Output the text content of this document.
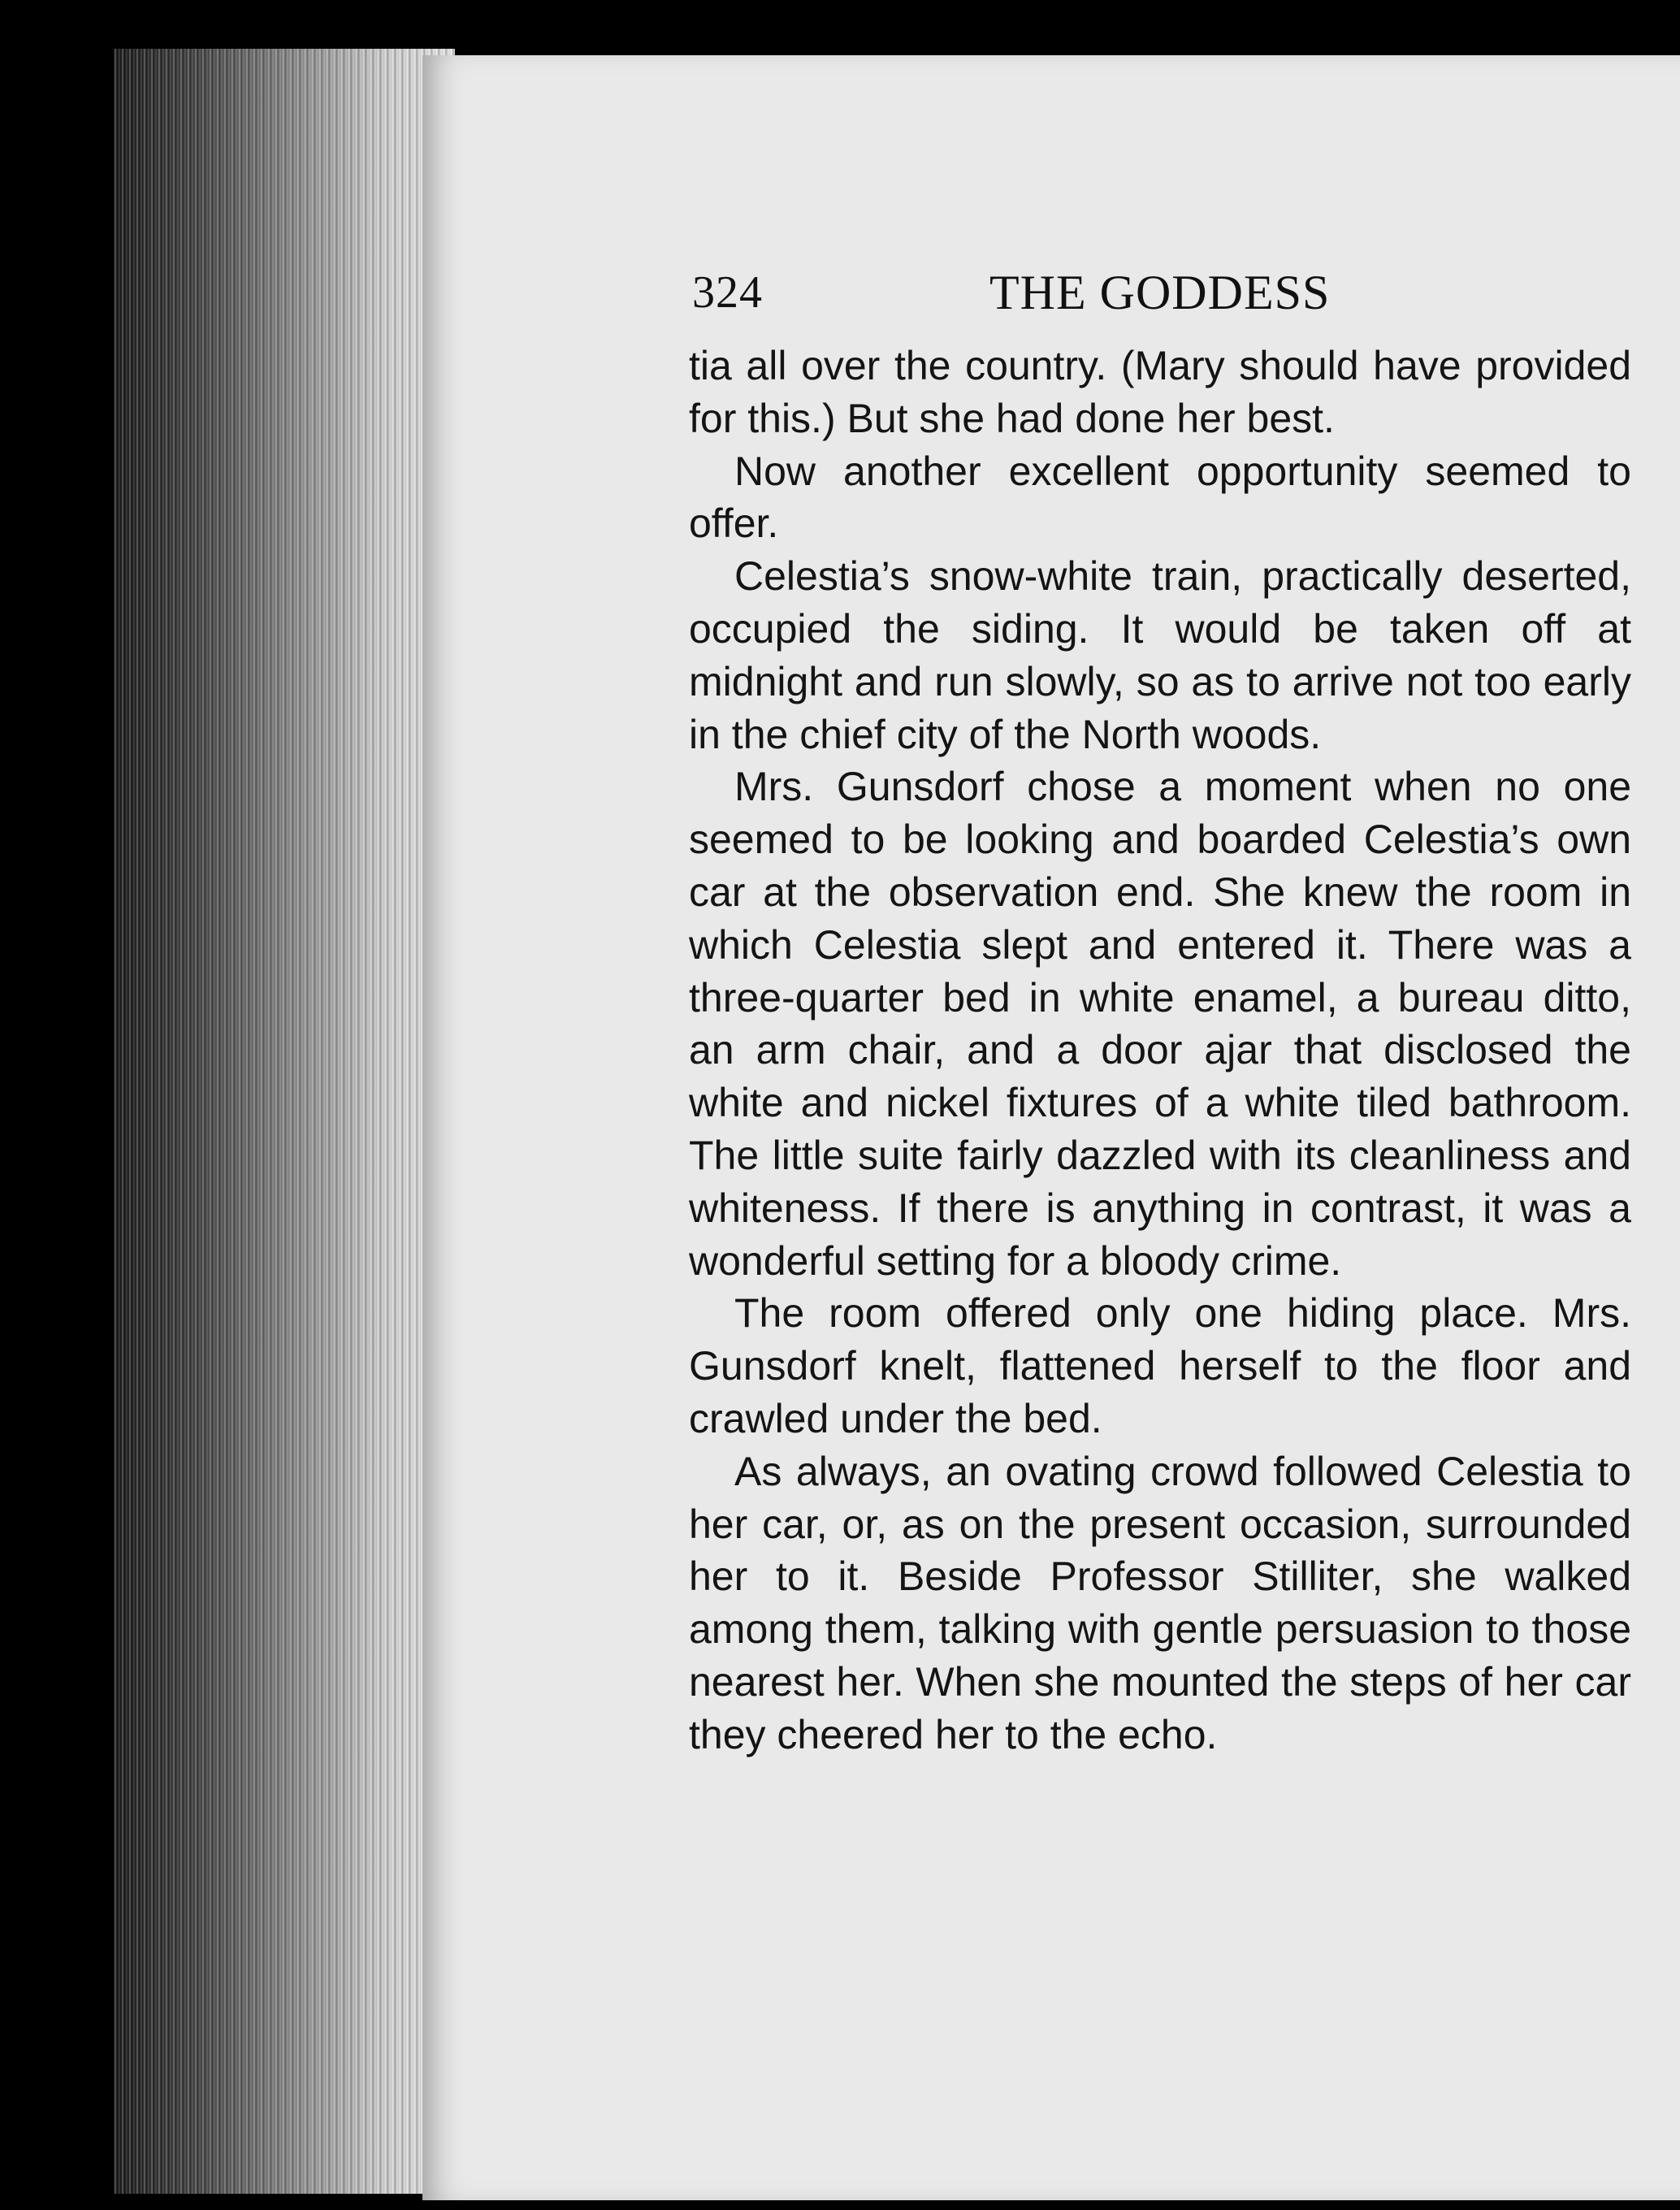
324	THE GODDESS

tia all over the country. (Mary should have provided for this.) But she had done her best.

Now another excellent opportunity seemed to offer.

Celestia’s snow-white train, practically deserted, occupied the siding. It would be taken off at midnight and run slowly, so as to arrive not too early in the chief city of the North woods.

Mrs. Gunsdorf chose a moment when no one seemed to be looking and boarded Celestia’s own car at the observation end. She knew the room in which Celestia slept and entered it. There was a three-quarter bed in white enamel, a bureau ditto, an arm chair, and a door ajar that disclosed the white and nickel fixtures of a white tiled bathroom. The little suite fairly dazzled with its cleanliness and whiteness. If there is anything in contrast, it was a wonderful setting for a bloody crime.

The room offered only one hiding place. Mrs. Gunsdorf knelt, flattened herself to the floor and crawled under the bed.

As always, an ovating crowd followed Celestia to her car, or, as on the present occasion, surrounded her to it. Beside Professor Stilliter, she walked among them, talking with gentle persuasion to those nearest her. When she mounted the steps of her car they cheered her to the echo.
